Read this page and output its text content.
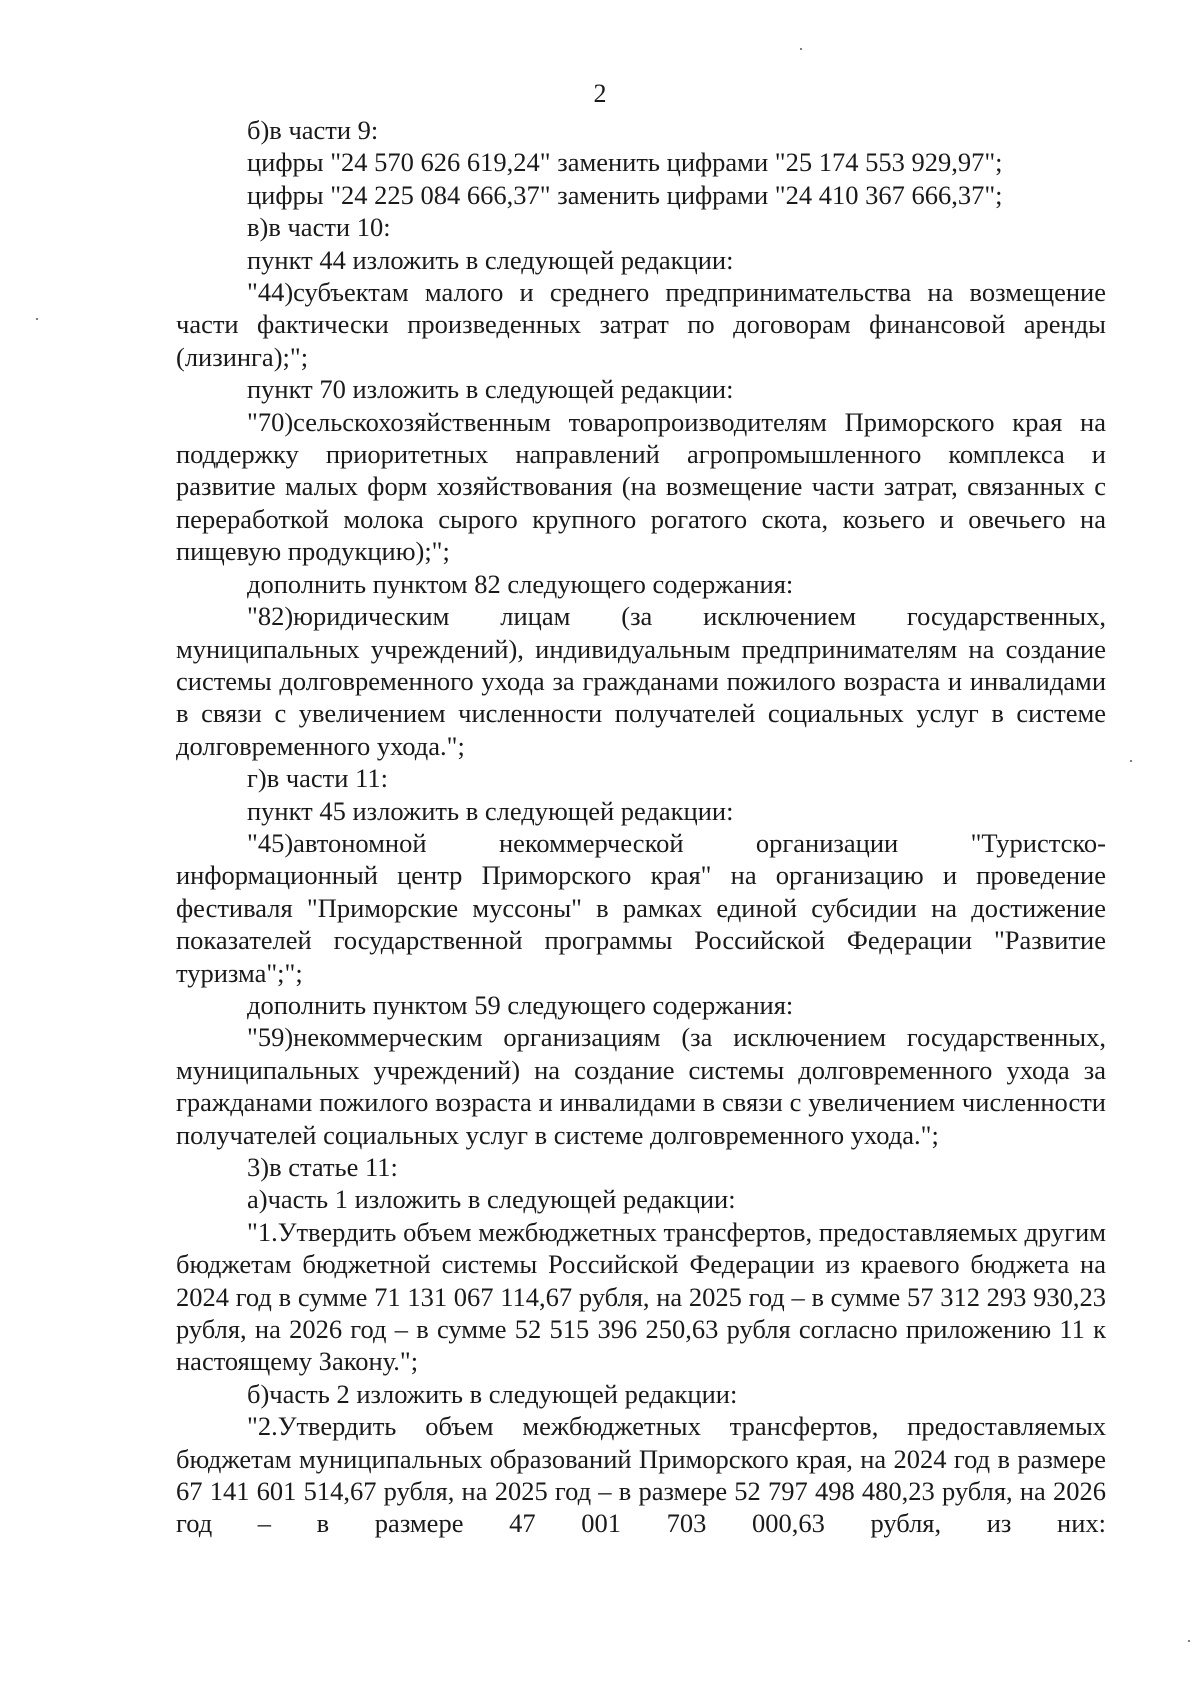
2

б)в части 9:

цифры "24 570 626 619,24" заменить цифрами "25 174 553 929,97";

цифры "24 225 084 666,37" заменить цифрами "24 410 367 666,37";

в)в части 10:

пункт 44 изложить в следующей редакции:

"44)субъектам малого и среднего предпринимательства на возмещение части фактически произведенных затрат по договорам финансовой аренды (лизинга);";

пункт 70 изложить в следующей редакции:

"70)сельскохозяйственным товаропроизводителям Приморского края на поддержку приоритетных направлений агропромышленного комплекса и развитие малых форм хозяйствования (на возмещение части затрат, связанных с переработкой молока сырого крупного рогатого скота, козьего и овечьего на пищевую продукцию);";

дополнить пунктом 82 следующего содержания:

"82)юридическим лицам (за исключением государственных, муниципальных учреждений), индивидуальным предпринимателям на создание системы долговременного ухода за гражданами пожилого возраста и инвалидами в связи с увеличением численности получателей социальных услуг в системе долговременного ухода.";

г)в части 11:

пункт 45 изложить в следующей редакции:

"45)автономной некоммерческой организации "Туристско-информационный центр Приморского края" на организацию и проведение фестиваля "Приморские муссоны" в рамках единой субсидии на достижение показателей государственной программы Российской Федерации "Развитие туризма";";

дополнить пунктом 59 следующего содержания:

"59)некоммерческим организациям (за исключением государственных, муниципальных учреждений) на создание системы долговременного ухода за гражданами пожилого возраста и инвалидами в связи с увеличением численности получателей социальных услуг в системе долговременного ухода.";

3)в статье 11:

а)часть 1 изложить в следующей редакции:

"1.Утвердить объем межбюджетных трансфертов, предоставляемых другим бюджетам бюджетной системы Российской Федерации из краевого бюджета на 2024 год в сумме 71 131 067 114,67 рубля, на 2025 год – в сумме 57 312 293 930,23 рубля, на 2026 год – в сумме 52 515 396 250,63 рубля согласно приложению 11 к настоящему Закону.";

б)часть 2 изложить в следующей редакции:

"2.Утвердить объем межбюджетных трансфертов, предоставляемых бюджетам муниципальных образований Приморского края, на 2024 год в размере 67 141 601 514,67 рубля, на 2025 год – в размере 52 797 498 480,23 рубля, на 2026 год – в размере 47 001 703 000,63 рубля, из них:
